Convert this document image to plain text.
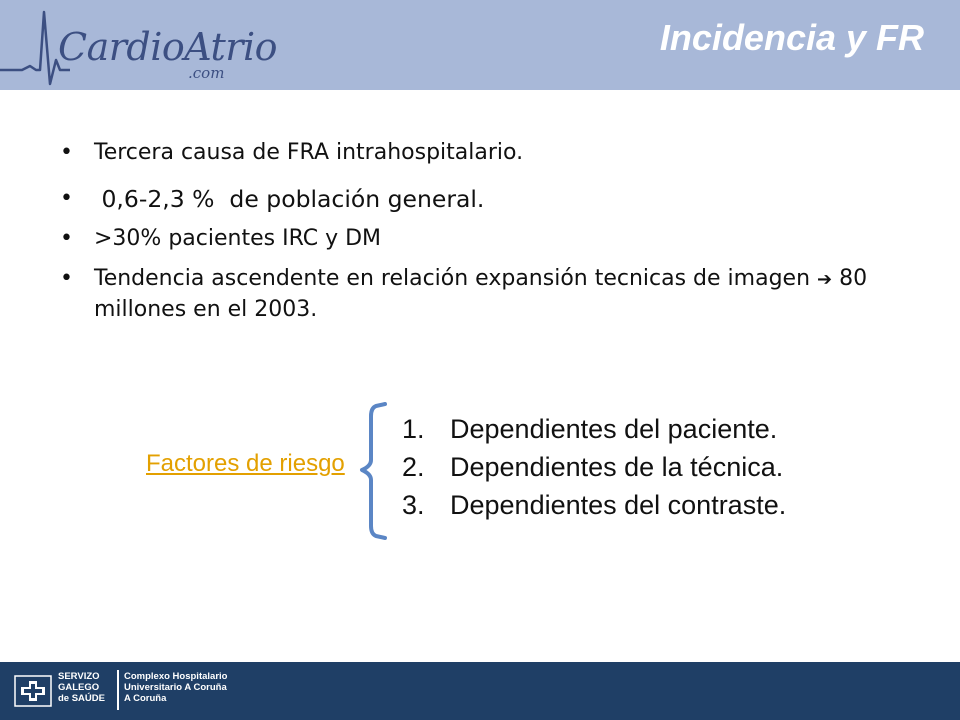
CardioAtrio
.com
Incidencia y FR
• Tercera causa de FRA intrahospitalario.
• 0,6-2,3 %  de población general.
• >30% pacientes IRC y DM
• Tendencia ascendente en relación expansión tecnicas de imagen ➔ 80 millones en el 2003.
Factores de riesgo
1. Dependientes del paciente.
2. Dependientes de la técnica.
3. Dependientes del contraste.
SERVIZO
GALEGO
de SAÚDE
Complexo Hospitalario
Universitario A Coruña
A Coruña
